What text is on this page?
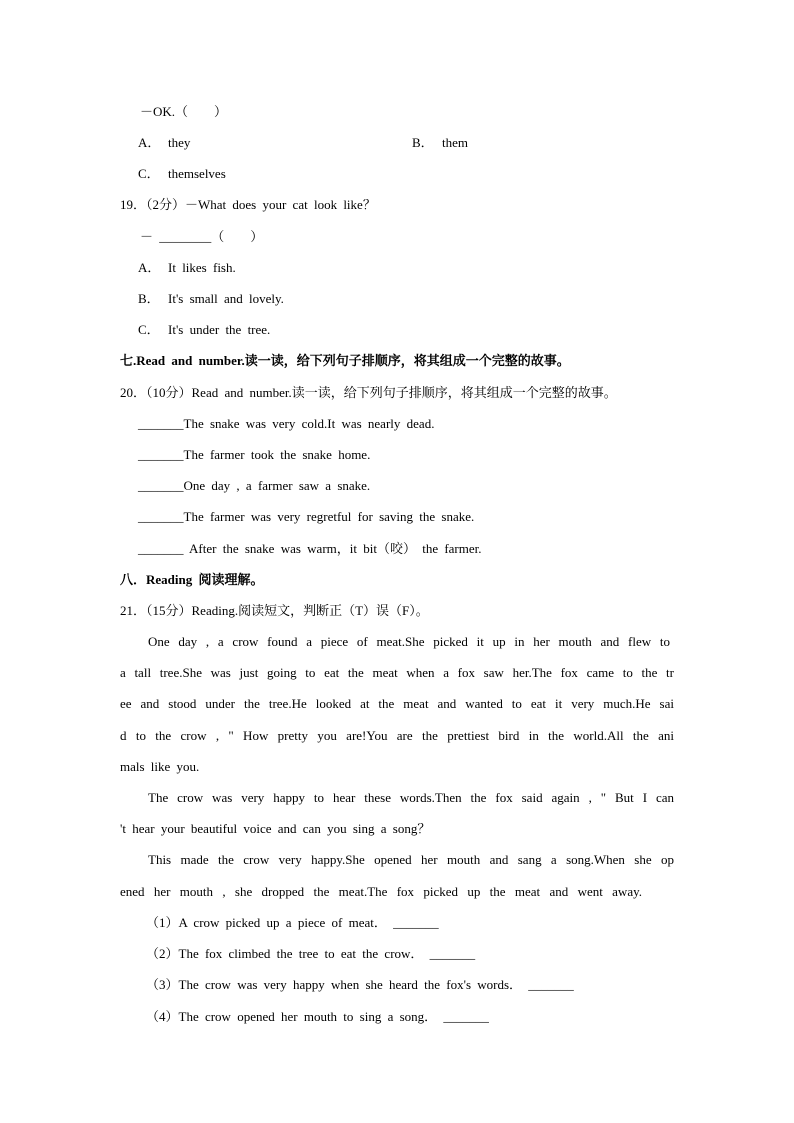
－OK.（　　）
A． they	B． them
C． themselves
19．（2分）－What does your cat look like？
－ ________（　　）
A． It likes fish.
B． It's small and lovely.
C． It's under the tree.
七.Read and number.读一读，给下列句子排顺序，将其组成一个完整的故事。
20．（10分）Read and number.读一读，给下列句子排顺序，将其组成一个完整的故事。
_______The snake was very cold.It was nearly dead.
_______The farmer took the snake home.
_______One day , a farmer saw a snake.
_______The farmer was very regretful for saving the snake.
_______ After the snake was warm，it bit（咬） the farmer.
八．Reading 阅读理解。
21．（15分）Reading.阅读短文，判断正（T）误（F）。
One day , a crow found a piece of meat.She picked it up in her mouth and flew to
a tall tree.She was just going to eat the meat when a fox saw her.The fox came to the tr
ee and stood under the tree.He looked at the meat and wanted to eat it very much.He sai
d to the crow , " How pretty you are!You are the prettiest bird in the world.All the ani
mals like you.
The crow was very happy to hear these words.Then the fox said again , " But I can
't hear your beautiful voice and can you sing a song？
This made the crow very happy.She opened her mouth and sang a song.When she op
ened her mouth , she dropped the meat.The fox picked up the meat and went away.
（1）A crow picked up a piece of meat． _______
（2）The fox climbed the tree to eat the crow． _______
（3）The crow was very happy when she heard the fox's words． _______
（4）The crow opened her mouth to sing a song． _______
